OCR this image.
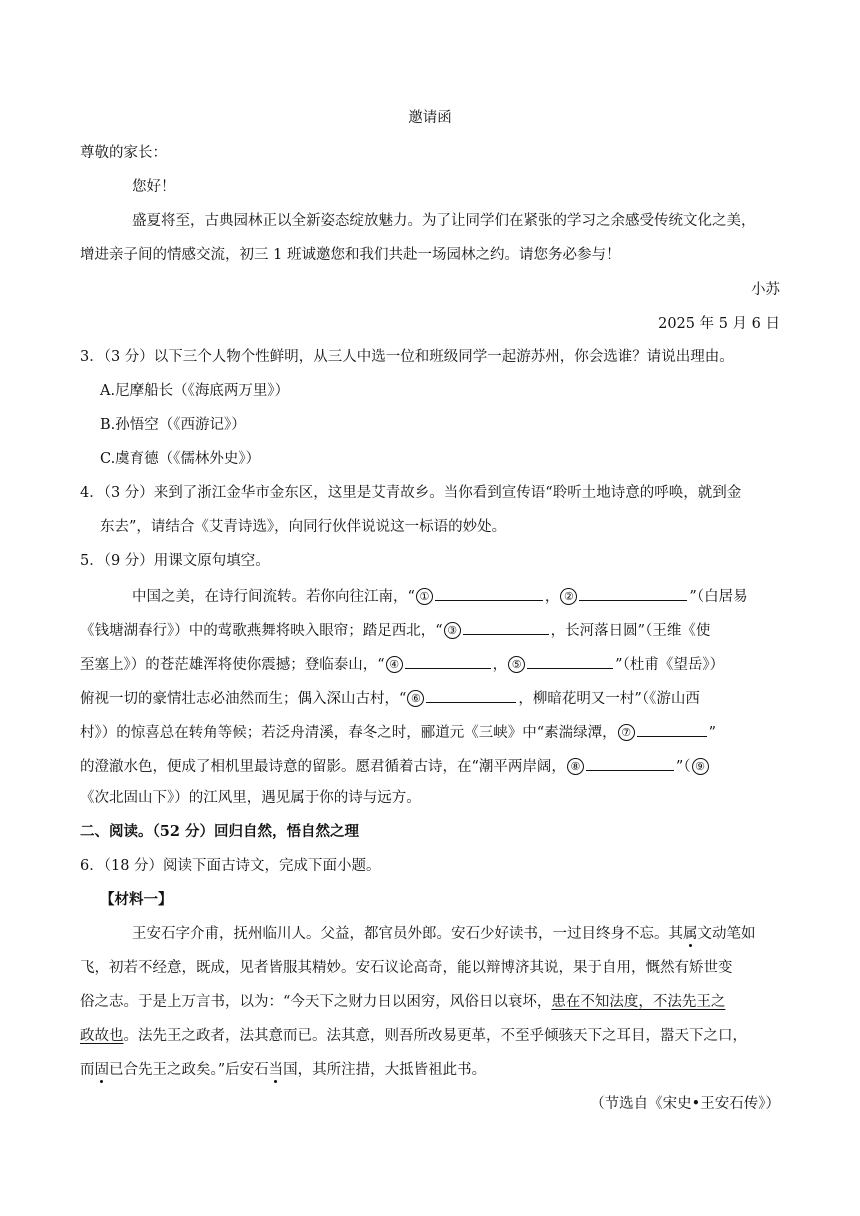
邀请函
尊敬的家长：
您好！
盛夏将至，古典园林正以全新姿态绽放魅力。为了让同学们在紧张的学习之余感受传统文化之美，
增进亲子间的情感交流，初三 1 班诚邀您和我们共赴一场园林之约。请您务必参与！
小苏
2025 年 5 月 6 日
3．（3 分）以下三个人物个性鲜明，从三人中选一位和班级同学一起游苏州，你会选谁？请说出理由。
A.尼摩船长（《海底两万里》）
B.孙悟空（《西游记》）
C.虞育德（《儒林外史》）
4．（3 分）来到了浙江金华市金东区，这里是艾青故乡。当你看到宣传语“聆听土地诗意的呼唤，就到金
东去”，请结合《艾青诗选》，向同行伙伴说说这一标语的妙处。
5．（9 分）用课文原句填空。
中国之美，在诗行间流转。若你向往江南，“ ①	， ②	”（白居易
《钱塘湖春行》）中的莺歌燕舞将映入眼帘；踏足西北，“ ③	，长河落日圆”（王维《使
至塞上》）的苍茫雄浑将使你震撼；登临泰山，“ ④	， ⑤	”（杜甫《望岳》）
俯视一切的豪情壮志必油然而生；偶入深山古村，“ ⑥	，柳暗花明又一村”（《游山西
村》）的惊喜总在转角等候；若泛舟清溪，春冬之时，郦道元《三峡》中“素湍绿潭， ⑦	”
的澄澈水色，便成了相机里最诗意的留影。愿君循着古诗，在“潮平两岸阔， ⑧	”（ ⑨
《次北固山下》）的江风里，遇见属于你的诗与远方。
二、阅读。（52 分）回归自然，悟自然之理
6．（18 分）阅读下面古诗文，完成下面小题。
【材料一】
王安石字介甫，抚州临川人。父益，都官员外郎。安石少好读书，一过目终身不忘。其属文动笔如
飞，初若不经意，既成，见者皆服其精妙。安石议论高奇，能以辩博济其说，果于自用，慨然有矫世变
俗之志。于是上万言书，以为：“今天下之财力日以困穷，风俗日以衰坏，患在不知法度，不法先王之
政故也。法先王之政者，法其意而已。法其意，则吾所改易更革，不至乎倾骇天下之耳目，嚣天下之口，
而固已合先王之政矣。”后安石当国，其所注措，大抵皆祖此书。
（节选自《宋史•王安石传》）
